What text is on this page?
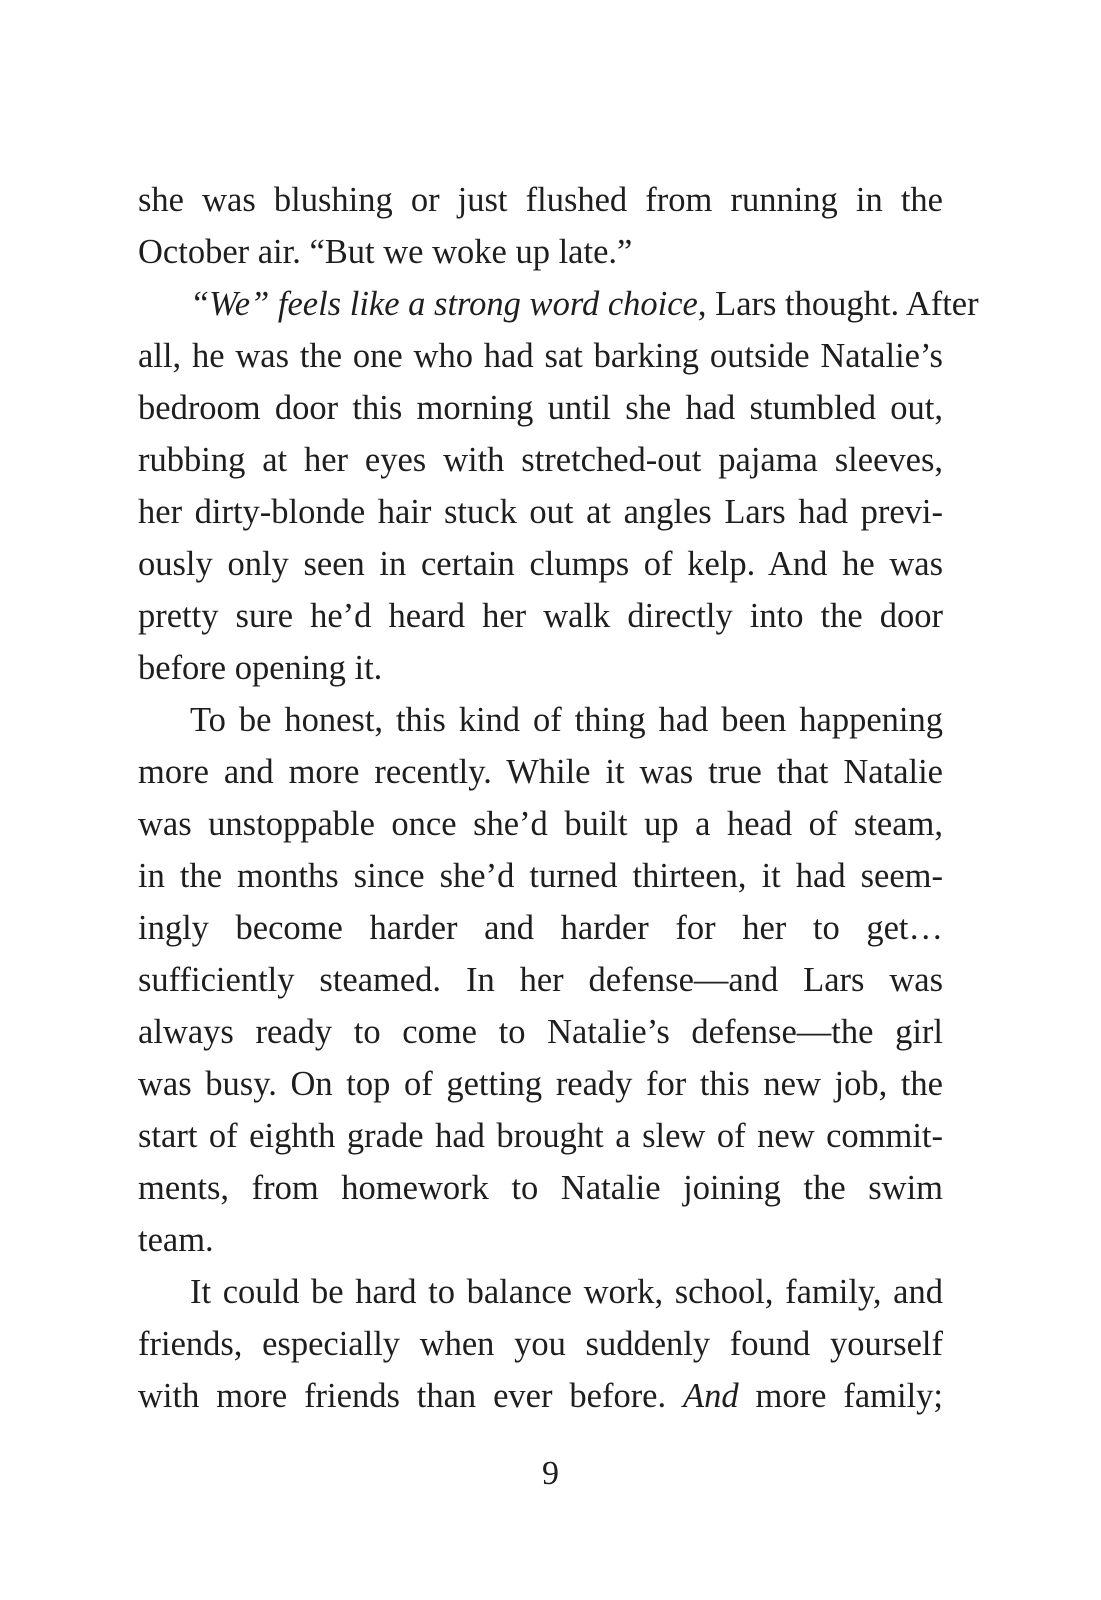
she was blushing or just flushed from running in the
October air. “But we woke up late.”
“We” feels like a strong word choice, Lars thought. After
all, he was the one who had sat barking outside Natalie’s
bedroom door this morning until she had stumbled out,
rubbing at her eyes with stretched-out pajama sleeves,
her dirty-blonde hair stuck out at angles Lars had previ-
ously only seen in certain clumps of kelp. And he was
pretty sure he’d heard her walk directly into the door
before opening it.
To be honest, this kind of thing had been happening
more and more recently. While it was true that Natalie
was unstoppable once she’d built up a head of steam,
in the months since she’d turned thirteen, it had seem-
ingly become harder and harder for her to get…
sufficiently steamed. In her defense—and Lars was
always ready to come to Natalie’s defense—the girl
was busy. On top of getting ready for this new job, the
start of eighth grade had brought a slew of new commit-
ments, from homework to Natalie joining the swim
team.
It could be hard to balance work, school, family, and
friends, especially when you suddenly found yourself
with more friends than ever before. And more family;
9
